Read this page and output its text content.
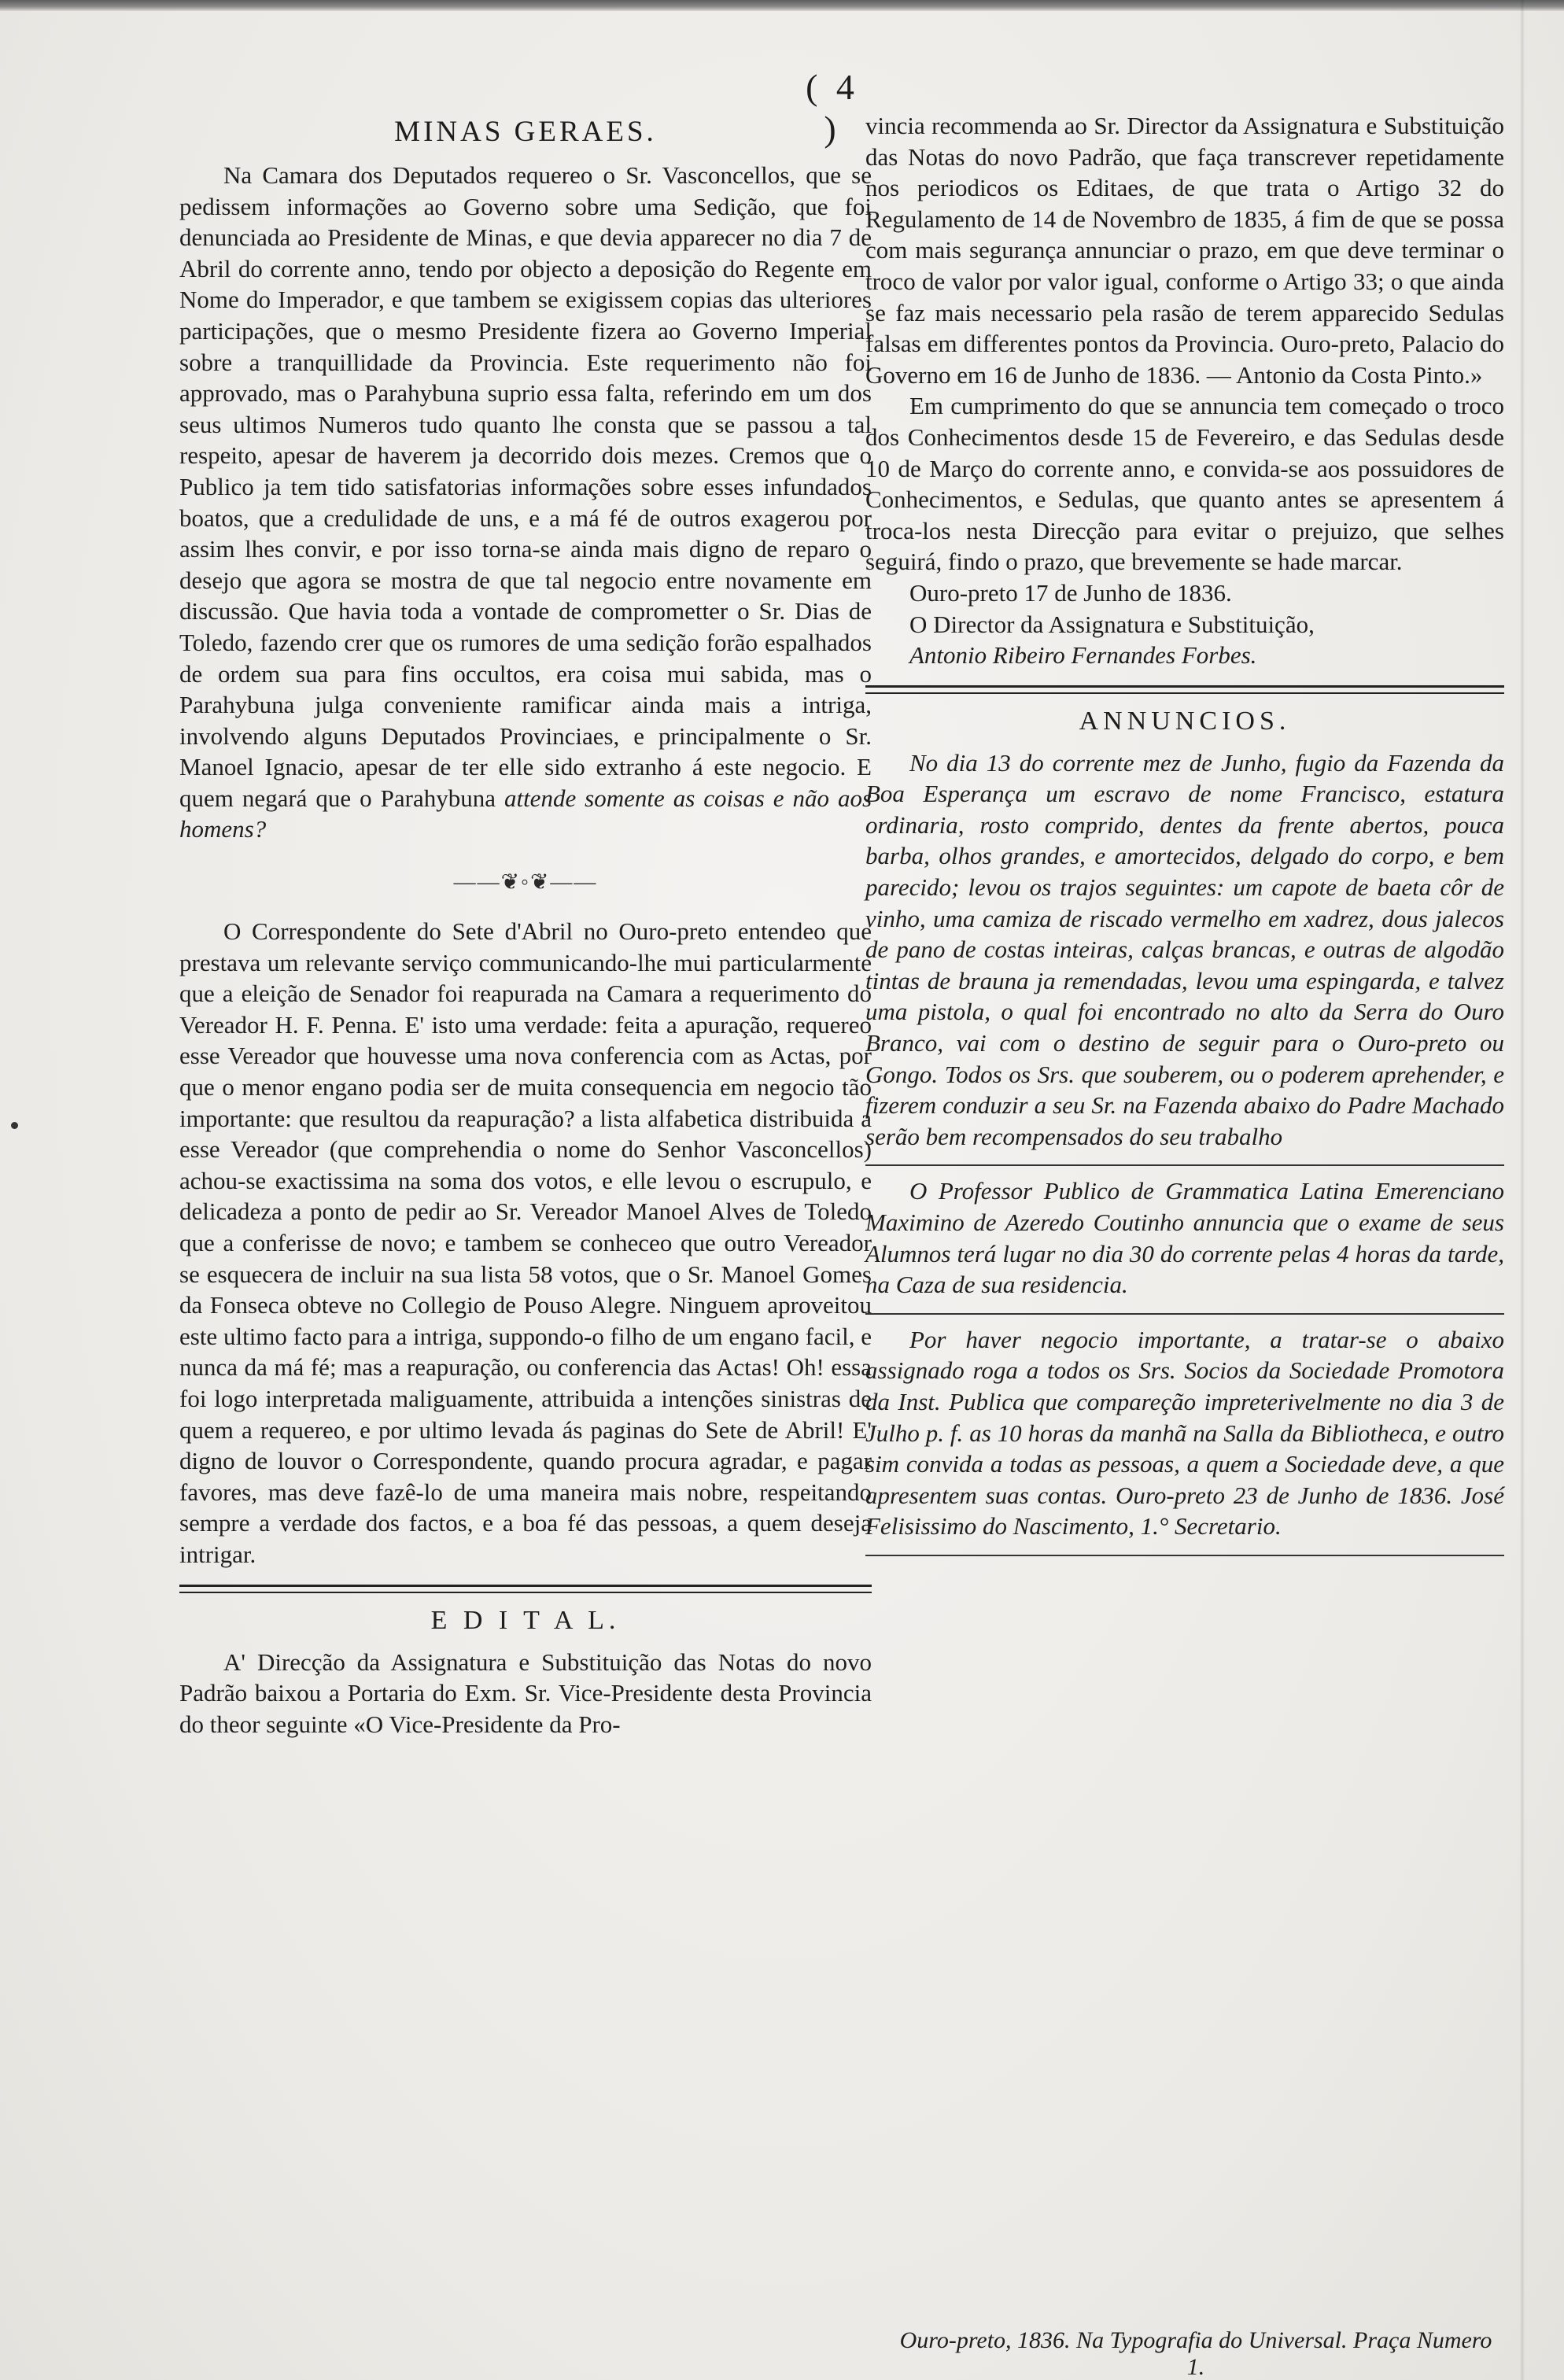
( 4 )
MINAS GERAES.

Na Camara dos Deputados requereo o Sr. Vasconcellos, que se pedissem informações ao Governo sobre uma Sedição, que foi denunciada ao Presidente de Minas, e que devia apparecer no dia 7 de Abril do corrente anno, tendo por objecto a deposição do Regente em Nome do Imperador, e que tambem se exigissem copias das ulteriores participações, que o mesmo Presidente fizera ao Governo Imperial sobre a tranquillidade da Provincia. Este requerimento não foi approvado, mas o Parahybuna suprio essa falta, referindo em um dos seus ultimos Numeros tudo quanto lhe consta que se passou a tal respeito, apesar de haverem ja decorrido dois mezes. Cremos que o Publico ja tem tido satisfatorias informações sobre esses infundados boatos, que a credulidade de uns, e a má fé de outros exagerou por assim lhes convir, e por isso torna-se ainda mais digno de reparo o desejo que agora se mostra de que tal negocio entre novamente em discussão. Que havia toda a vontade de comprometter o Sr. Dias de Toledo, fazendo crer que os rumores de uma sedição forão espalhados de ordem sua para fins occultos, era coisa mui sabida, mas o Parahybuna julga conveniente ramificar ainda mais a intriga, involvendo alguns Deputados Provinciaes, e principalmente o Sr. Manoel Ignacio, apesar de ter elle sido extranho á este negocio. E quem negará que o Parahybuna attende somente as coisas e não aos homens?

——❦◦❦——

O Correspondente do Sete d'Abril no Ouro-preto entendeo que prestava um relevante serviço communicando-lhe mui particularmente que a eleição de Senador foi reapurada na Camara a requerimento do Vereador H. F. Penna. E' isto uma verdade: feita a apuração, requereo esse Vereador que houvesse uma nova conferencia com as Actas, por que o menor engano podia ser de muita consequencia em negocio tão importante: que resultou da reapuração? a lista alfabetica distribuida a esse Vereador (que comprehendia o nome do Senhor Vasconcellos) achou-se exactissima na soma dos votos, e elle levou o escrupulo, e delicadeza a ponto de pedir ao Sr. Vereador Manoel Alves de Toledo que a conferisse de novo; e tambem se conheceo que outro Vereador se esquecera de incluir na sua lista 58 votos, que o Sr. Manoel Gomes da Fonseca obteve no Collegio de Pouso Alegre. Ninguem aproveitou este ultimo facto para a intriga, suppondo-o filho de um engano facil, e nunca da má fé; mas a reapuração, ou conferencia das Actas! Oh! essa foi logo interpretada maliguamente, attribuida a intenções sinistras de quem a requereo, e por ultimo levada ás paginas do Sete de Abril! E' digno de louvor o Correspondente, quando procura agradar, e pagar favores, mas deve fazê-lo de uma maneira mais nobre, respeitando sempre a verdade dos factos, e a boa fé das pessoas, a quem deseja intrigar.

E D I T A L.

A' Direcção da Assignatura e Substituição das Notas do novo Padrão baixou a Portaria do Exm. Sr. Vice-Presidente desta Provincia do theor seguinte «O Vice-Presidente da Pro-

vincia recommenda ao Sr. Director da Assignatura e Substituição das Notas do novo Padrão, que faça transcrever repetidamente nos periodicos os Editaes, de que trata o Artigo 32 do Regulamento de 14 de Novembro de 1835, á fim de que se possa com mais segurança annunciar o prazo, em que deve terminar o troco de valor por valor igual, conforme o Artigo 33; o que ainda se faz mais necessario pela rasão de terem apparecido Sedulas falsas em differentes pontos da Provincia. Ouro-preto, Palacio do Governo em 16 de Junho de 1836. — Antonio da Costa Pinto.»

Em cumprimento do que se annuncia tem começado o troco dos Conhecimentos desde 15 de Fevereiro, e das Sedulas desde 10 de Março do corrente anno, e convida-se aos possuidores de Conhecimentos, e Sedulas, que quanto antes se apresentem á troca-los nesta Direcção para evitar o prejuizo, que selhes seguirá, findo o prazo, que brevemente se hade marcar.

Ouro-preto 17 de Junho de 1836.

O Director da Assignatura e Substituição,

Antonio Ribeiro Fernandes Forbes.

ANNUNCIOS.

No dia 13 do corrente mez de Junho, fugio da Fazenda da Boa Esperança um escravo de nome Francisco, estatura ordinaria, rosto comprido, dentes da frente abertos, pouca barba, olhos grandes, e amortecidos, delgado do corpo, e bem parecido; levou os trajos seguintes: um capote de baeta côr de vinho, uma camiza de riscado vermelho em xadrez, dous jalecos de pano de costas inteiras, calças brancas, e outras de algodão tintas de brauna ja remendadas, levou uma espingarda, e talvez uma pistola, o qual foi encontrado no alto da Serra do Ouro Branco, vai com o destino de seguir para o Ouro-preto ou Gongo. Todos os Srs. que souberem, ou o poderem aprehender, e fizerem conduzir a seu Sr. na Fazenda abaixo do Padre Machado serão bem recompensados do seu trabalho

O Professor Publico de Grammatica Latina Emerenciano Maximino de Azeredo Coutinho annuncia que o exame de seus Alumnos terá lugar no dia 30 do corrente pelas 4 horas da tarde, na Caza de sua residencia.

Por haver negocio importante, a tratar-se o abaixo assignado roga a todos os Srs. Socios da Sociedade Promotora da Inst. Publica que compareção impreterivelmente no dia 3 de Julho p. f. as 10 horas da manhã na Salla da Bibliotheca, e outro sim convida a todas as pessoas, a quem a Sociedade deve, a que apresentem suas contas. Ouro-preto 23 de Junho de 1836. José Felisissimo do Nascimento, 1.° Secretario.

Ouro-preto, 1836. Na Typografia do Universal. Praça Numero 1.
